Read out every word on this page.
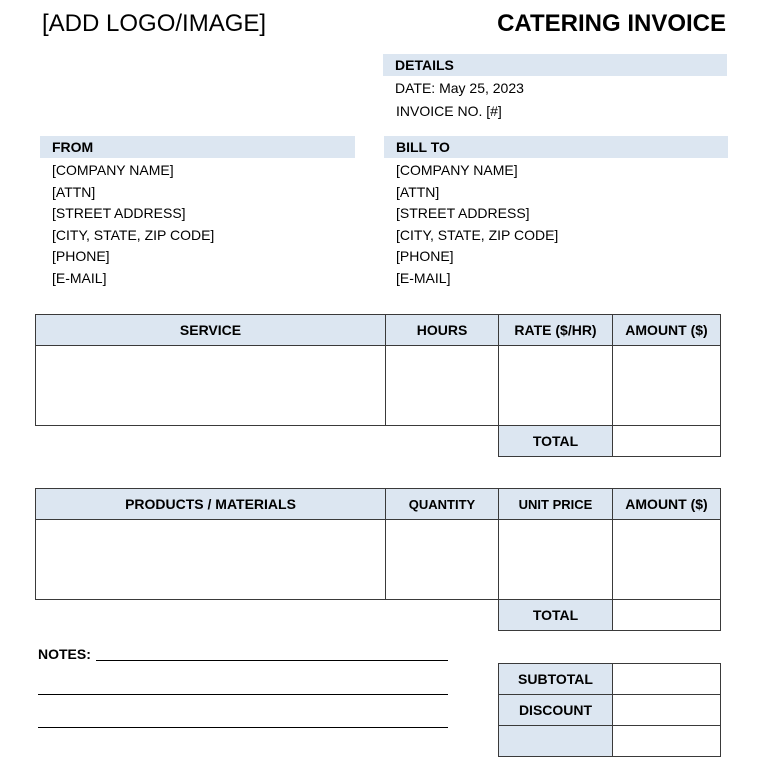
[ADD LOGO/IMAGE]	CATERING INVOICE
DETAILS
DATE: May 25, 2023
INVOICE NO. [#]
FROM
[COMPANY NAME]
[ATTN]
[STREET ADDRESS]
[CITY, STATE, ZIP CODE]
[PHONE]
[E-MAIL]
BILL TO
[COMPANY NAME]
[ATTN]
[STREET ADDRESS]
[CITY, STATE, ZIP CODE]
[PHONE]
[E-MAIL]
SERVICE	HOURS	RATE ($/HR)	AMOUNT ($)

		TOTAL	
PRODUCTS / MATERIALS	QUANTITY	UNIT PRICE	AMOUNT ($)

		TOTAL	
NOTES:
SUBTOTAL	
DISCOUNT	
